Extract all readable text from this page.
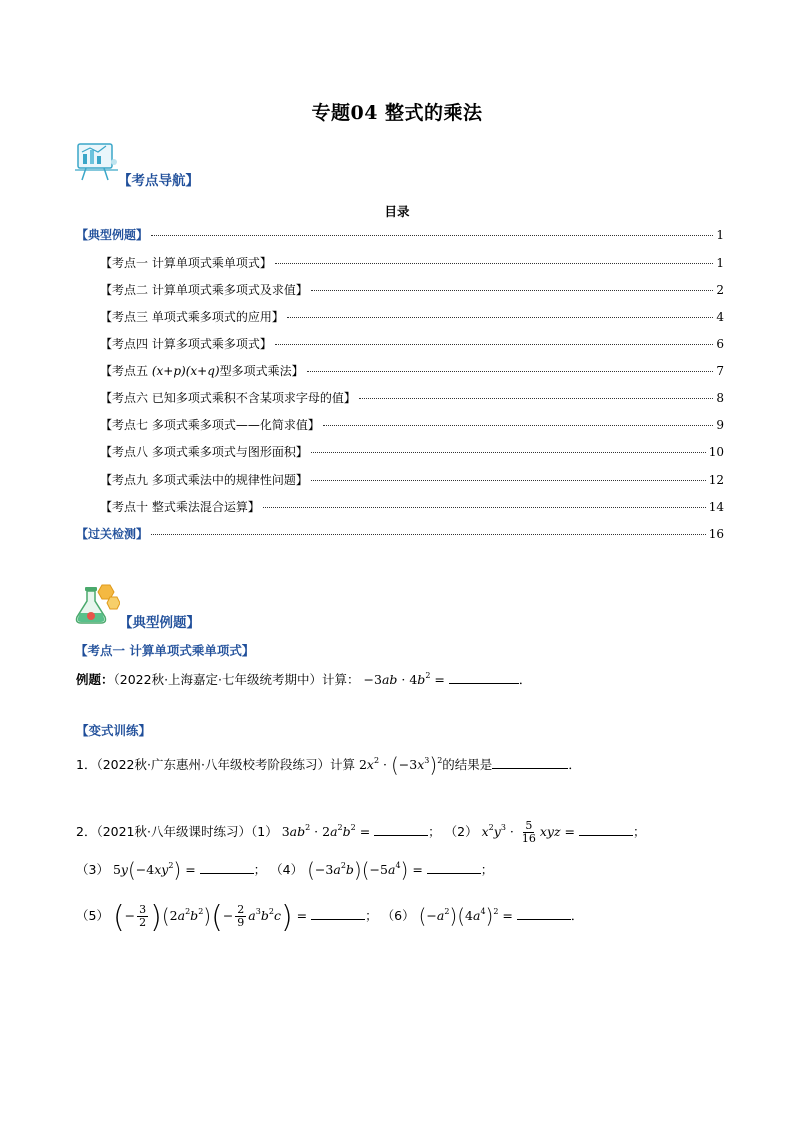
专题04 整式的乘法
【考点导航】
目录
【典型例题】	1
【考点一 计算单项式乘单项式】	1
【考点二 计算单项式乘多项式及求值】	2
【考点三 单项式乘多项式的应用】	4
【考点四 计算多项式乘多项式】	6
【考点五 (x+p)(x+q)型多项式乘法】	7
【考点六 已知多项式乘积不含某项求字母的值】	8
【考点七 多项式乘多项式——化简求值】	9
【考点八 多项式乘多项式与图形面积】	10
【考点九 多项式乘法中的规律性问题】	12
【考点十 整式乘法混合运算】	14
【过关检测】	16
【典型例题】
【考点一 计算单项式乘单项式】
例题：（2022秋·上海嘉定·七年级统考期中）计算： $-3ab \cdot 4b^2$ =	．
【变式训练】
1．（2022秋·广东惠州·八年级校考阶段练习）计算 $2x^2 \cdot (-3x^3)^2$的结果是	．
2．（2021秋·八年级课时练习）（1） $3ab^2 \cdot 2a^2b^2$ =	； （2） $x^2y^3 \cdot \frac{5}{16}$ xyz =	；
（3） $5y(-4xy^2)$ =	； （4） $(-3a^2b)(-5a^4)$ =	；
（5） (− $\frac{3}{2} )(2a^2b^2)(- \frac{2}{9} a^3b^2c)$ =	； （6） $(-a^2)(4a^4)^2$ =	．
